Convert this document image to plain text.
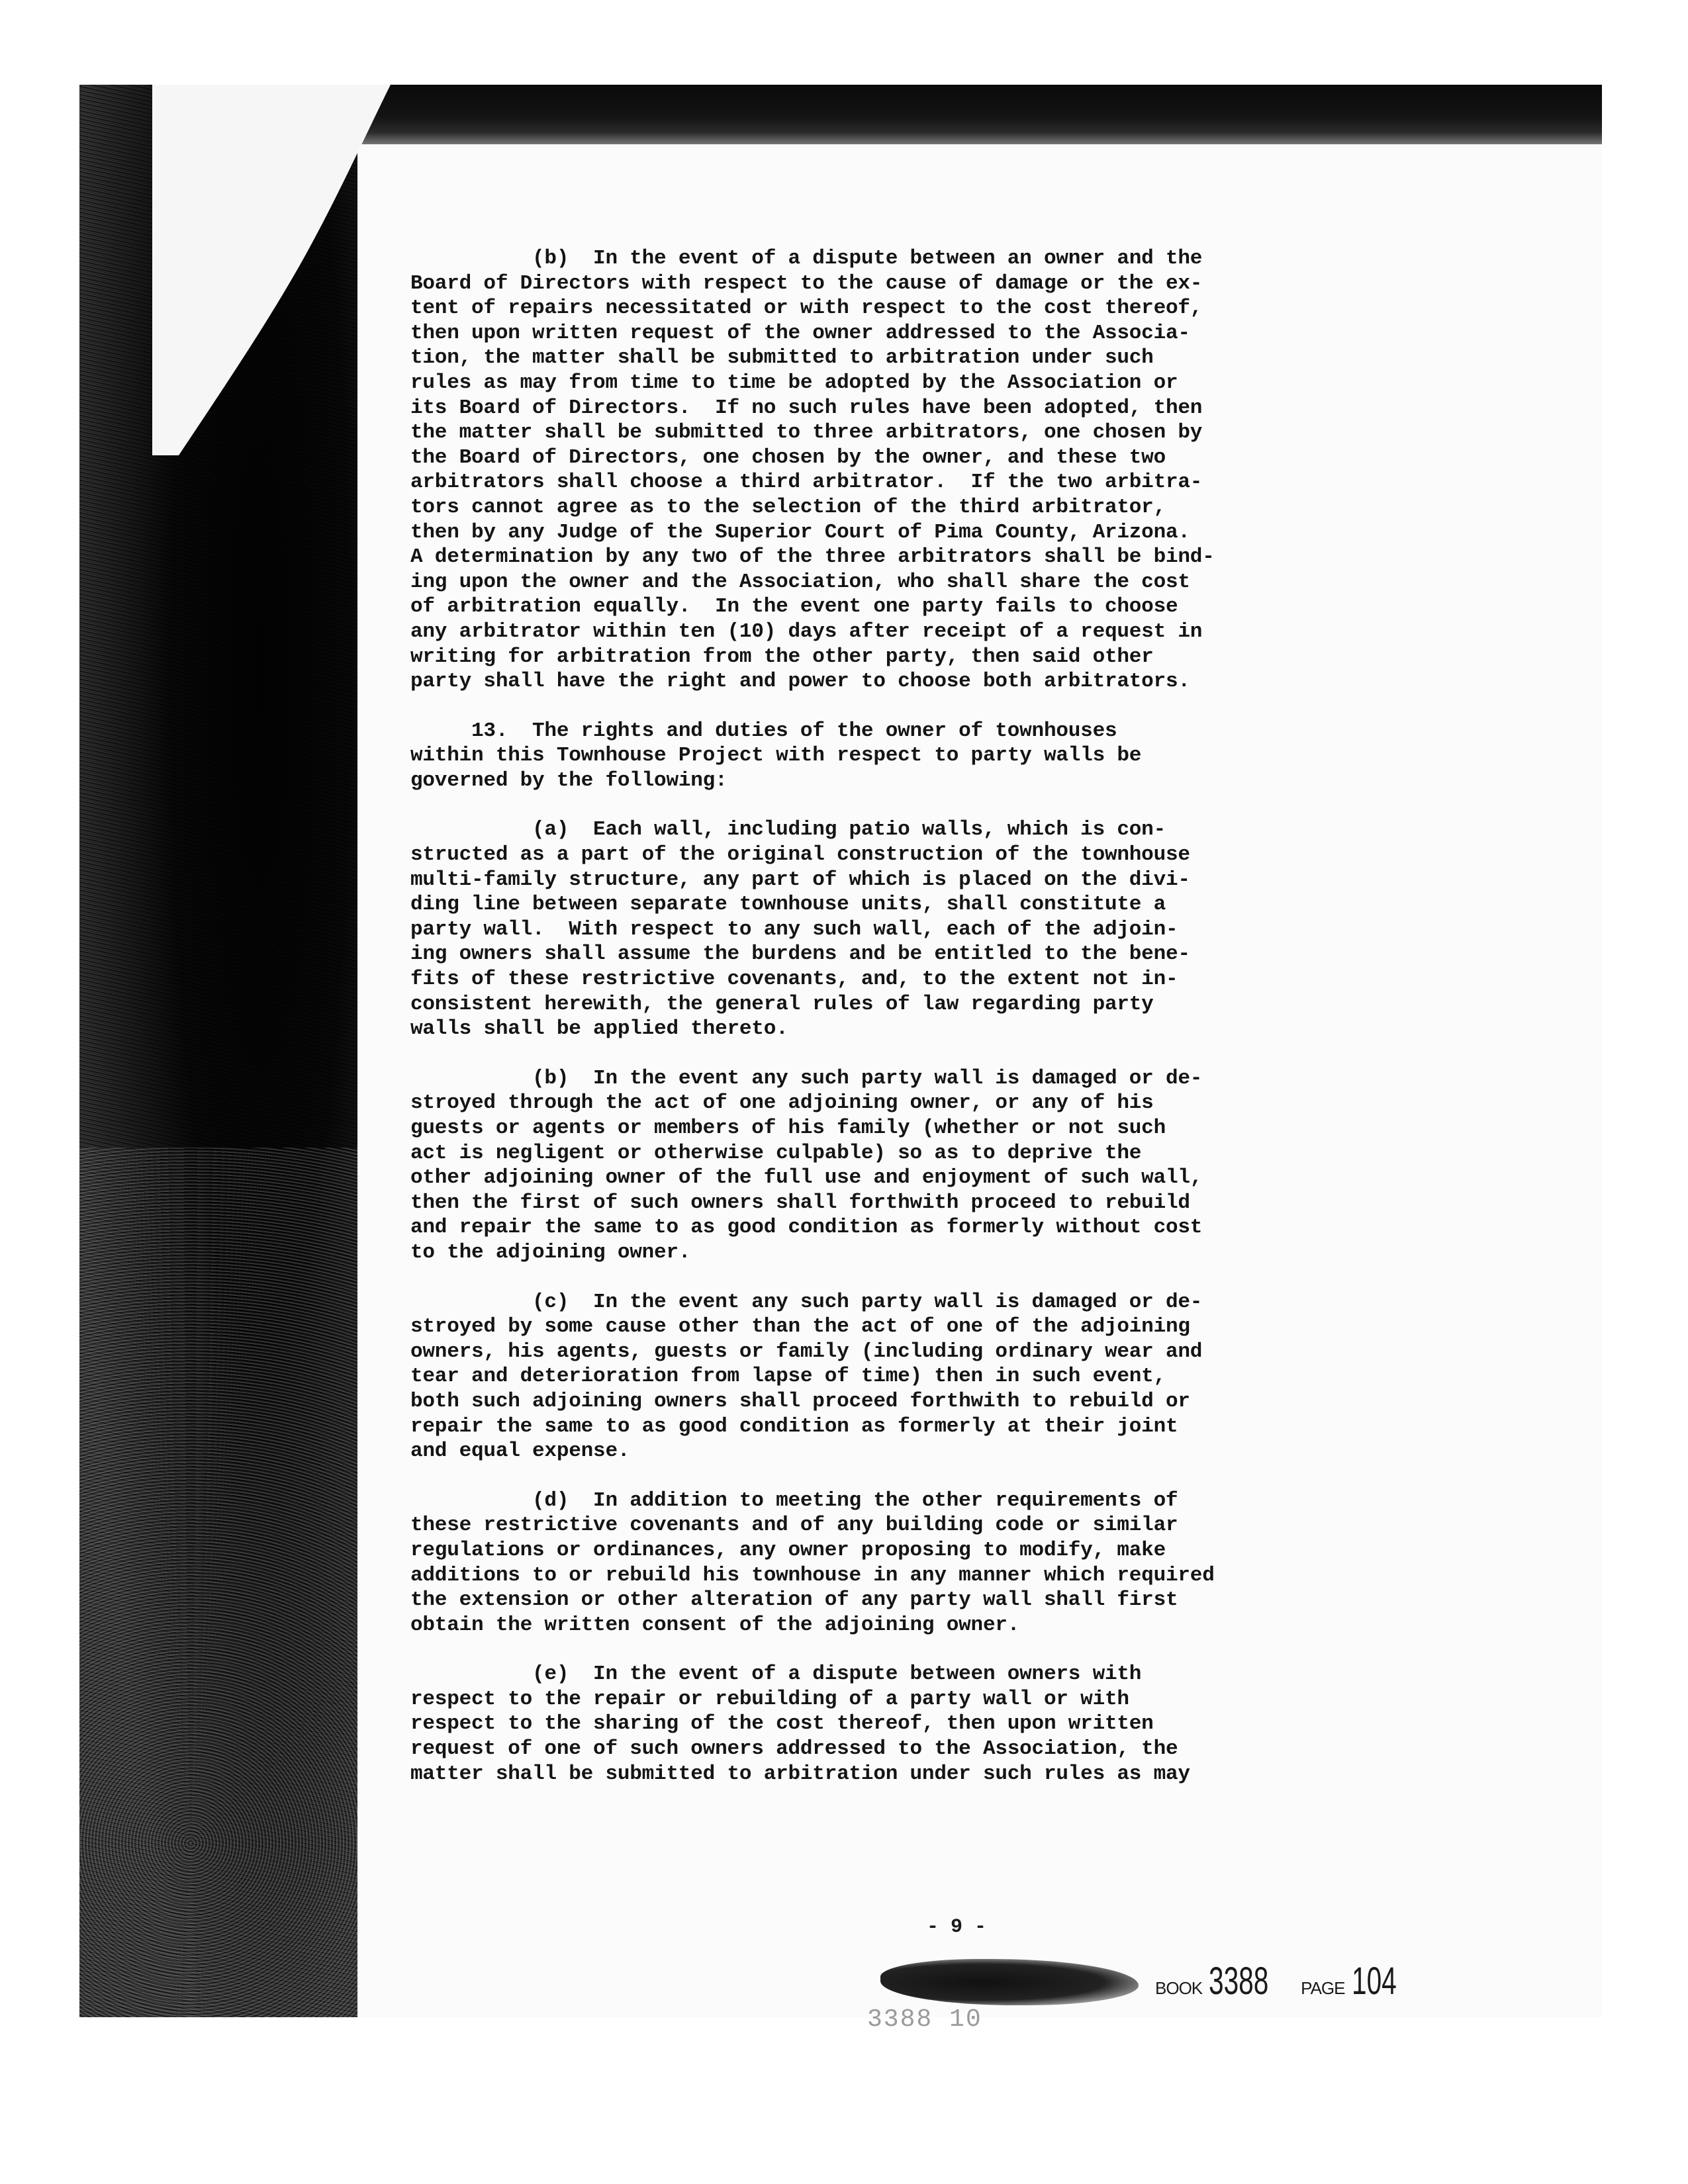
(b)  In the event of a dispute between an owner and the
Board of Directors with respect to the cause of damage or the ex-
tent of repairs necessitated or with respect to the cost thereof,
then upon written request of the owner addressed to the Associa-
tion, the matter shall be submitted to arbitration under such
rules as may from time to time be adopted by the Association or
its Board of Directors.  If no such rules have been adopted, then
the matter shall be submitted to three arbitrators, one chosen by
the Board of Directors, one chosen by the owner, and these two
arbitrators shall choose a third arbitrator.  If the two arbitra-
tors cannot agree as to the selection of the third arbitrator,
then by any Judge of the Superior Court of Pima County, Arizona.
A determination by any two of the three arbitrators shall be bind-
ing upon the owner and the Association, who shall share the cost
of arbitration equally.  In the event one party fails to choose
any arbitrator within ten (10) days after receipt of a request in
writing for arbitration from the other party, then said other
party shall have the right and power to choose both arbitrators.
13.  The rights and duties of the owner of townhouses
within this Townhouse Project with respect to party walls be
governed by the following:
(a)  Each wall, including patio walls, which is con-
structed as a part of the original construction of the townhouse
multi-family structure, any part of which is placed on the divi-
ding line between separate townhouse units, shall constitute a
party wall.  With respect to any such wall, each of the adjoin-
ing owners shall assume the burdens and be entitled to the bene-
fits of these restrictive covenants, and, to the extent not in-
consistent herewith, the general rules of law regarding party
walls shall be applied thereto.
(b)  In the event any such party wall is damaged or de-
stroyed through the act of one adjoining owner, or any of his
guests or agents or members of his family (whether or not such
act is negligent or otherwise culpable) so as to deprive the
other adjoining owner of the full use and enjoyment of such wall,
then the first of such owners shall forthwith proceed to rebuild
and repair the same to as good condition as formerly without cost
to the adjoining owner.
(c)  In the event any such party wall is damaged or de-
stroyed by some cause other than the act of one of the adjoining
owners, his agents, guests or family (including ordinary wear and
tear and deterioration from lapse of time) then in such event,
both such adjoining owners shall proceed forthwith to rebuild or
repair the same to as good condition as formerly at their joint
and equal expense.
(d)  In addition to meeting the other requirements of
these restrictive covenants and of any building code or similar
regulations or ordinances, any owner proposing to modify, make
additions to or rebuild his townhouse in any manner which required
the extension or other alteration of any party wall shall first
obtain the written consent of the adjoining owner.
(e)  In the event of a dispute between owners with
respect to the repair or rebuilding of a party wall or with
respect to the sharing of the cost thereof, then upon written
request of one of such owners addressed to the Association, the
matter shall be submitted to arbitration under such rules as may
- 9 -
BOOK 3388 PAGE 104
3388 10
